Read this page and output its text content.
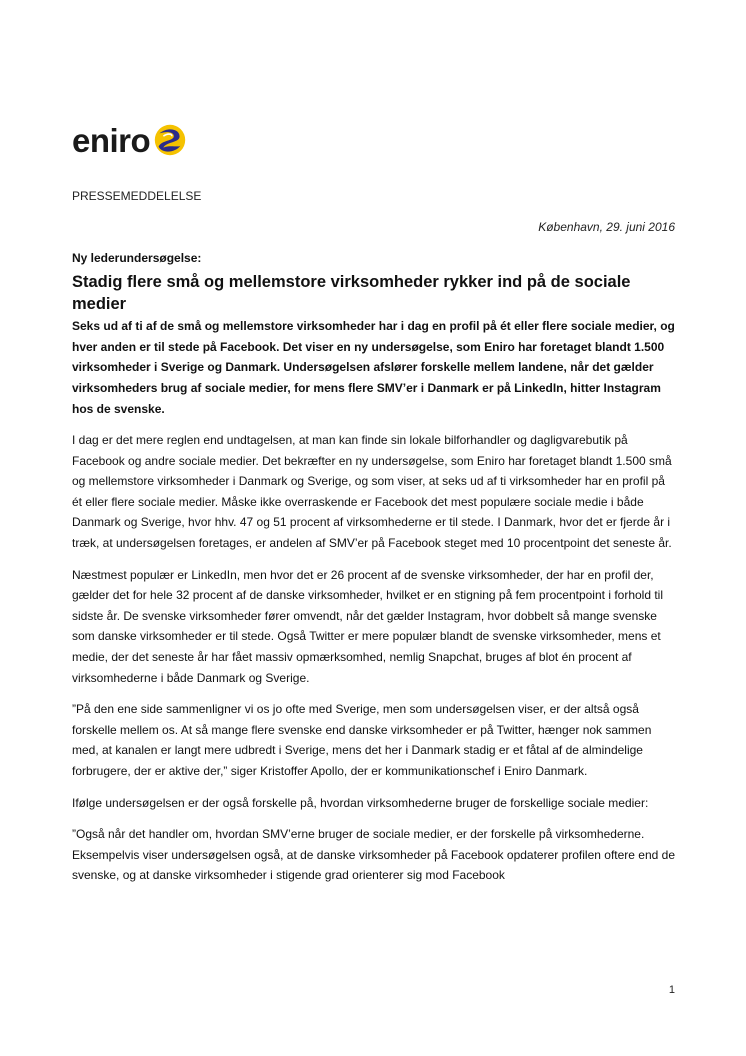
eniro
PRESSEMEDDELELSE
København, 29. juni 2016
Ny lederundersøgelse:
Stadig flere små og mellemstore virksomheder rykker ind på de sociale medier
Seks ud af ti af de små og mellemstore virksomheder har i dag en profil på ét eller flere sociale medier, og hver anden er til stede på Facebook. Det viser en ny undersøgelse, som Eniro har foretaget blandt 1.500 virksomheder i Sverige og Danmark. Undersøgelsen afslører forskelle mellem landene, når det gælder virksomheders brug af sociale medier, for mens flere SMV’er i Danmark er på LinkedIn, hitter Instagram hos de svenske.

I dag er det mere reglen end undtagelsen, at man kan finde sin lokale bilforhandler og dagligvarebutik på Facebook og andre sociale medier. Det bekræfter en ny undersøgelse, som Eniro har foretaget blandt 1.500 små og mellemstore virksomheder i Danmark og Sverige, og som viser, at seks ud af ti virksomheder har en profil på ét eller flere sociale medier. Måske ikke overraskende er Facebook det mest populære sociale medie i både Danmark og Sverige, hvor hhv. 47 og 51 procent af virksomhederne er til stede. I Danmark, hvor det er fjerde år i træk, at undersøgelsen foretages, er andelen af SMV’er på Facebook steget med 10 procentpoint det seneste år.

Næstmest populær er LinkedIn, men hvor det er 26 procent af de svenske virksomheder, der har en profil der, gælder det for hele 32 procent af de danske virksomheder, hvilket er en stigning på fem procentpoint i forhold til sidste år. De svenske virksomheder fører omvendt, når det gælder Instagram, hvor dobbelt så mange svenske som danske virksomheder er til stede. Også Twitter er mere populær blandt de svenske virksomheder, mens et medie, der det seneste år har fået massiv opmærksomhed, nemlig Snapchat, bruges af blot én procent af virksomhederne i både Danmark og Sverige.

”På den ene side sammenligner vi os jo ofte med Sverige, men som undersøgelsen viser, er der altså også forskelle mellem os. At så mange flere svenske end danske virksomheder er på Twitter, hænger nok sammen med, at kanalen er langt mere udbredt i Sverige, mens det her i Danmark stadig er et fåtal af de almindelige forbrugere, der er aktive der,” siger Kristoffer Apollo, der er kommunikationschef i Eniro Danmark.

Ifølge undersøgelsen er der også forskelle på, hvordan virksomhederne bruger de forskellige sociale medier:

”Også når det handler om, hvordan SMV’erne bruger de sociale medier, er der forskelle på virksomhederne. Eksempelvis viser undersøgelsen også, at de danske virksomheder på Facebook opdaterer profilen oftere end de svenske, og at danske virksomheder i stigende grad orienterer sig mod Facebook

1
